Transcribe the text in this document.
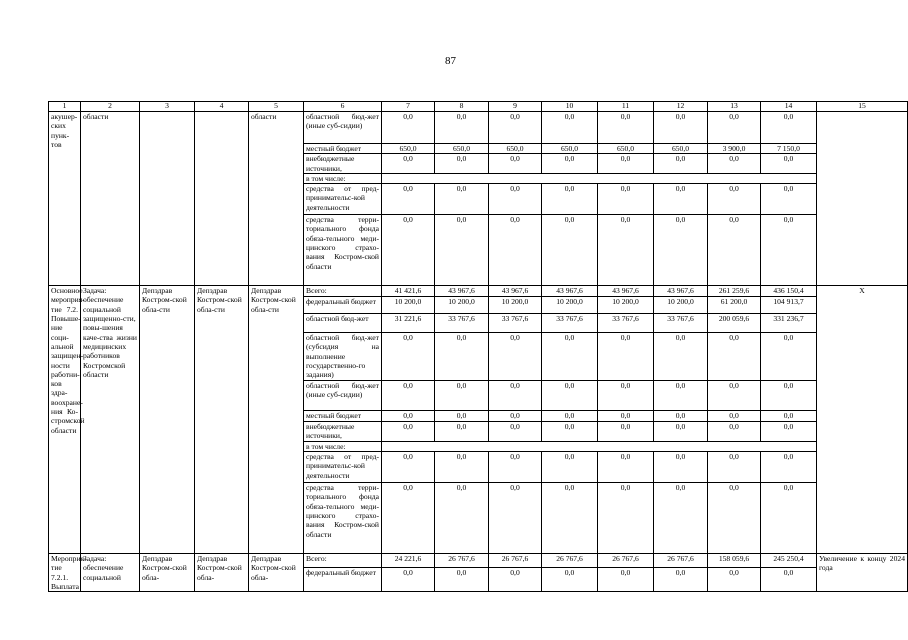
87
1	2	3	4	5	6	7	8	9	10	11	12	13	14	15
акушер-ских пунк-тов	области			области	областной бюд-жет (иные суб-сидии)	0,0	0,0	0,0	0,0	0,0	0,0	0,0	0,0	
					местный бюджет	650,0	650,0	650,0	650,0	650,0	650,0	3 900,0	7 150,0	
					внебюджетные источники,	0,0	0,0	0,0	0,0	0,0	0,0	0,0	0,0	
					в том числе:									
					средства от пред-принимательс-кой деятельности	0,0	0,0	0,0	0,0	0,0	0,0	0,0	0,0	
					средства терри-ториального фонда обяза-тельного меди-цинского страхо-вания Костром-ской области	0,0	0,0	0,0	0,0	0,0	0,0	0,0	0,0	
Основное мероприя-тие 7.2. Повыше-ние соци-альной защищен-ности работни-ков здра-воохране-ния Ко-стромской области	Задача: обеспечение социальной защищенно-сти, повы-шения каче-ства жизни медицинских работников Костромской области	Депздрав Костром-ской обла-сти	Депздрав Костром-ской обла-сти	Депздрав Костром-ской обла-сти	Всего:	41 421,6	43 967,6	43 967,6	43 967,6	43 967,6	43 967,6	261 259,6	436 150,4	Х
					федеральный бюджет	10 200,0	10 200,0	10 200,0	10 200,0	10 200,0	10 200,0	61 200,0	104 913,7	
					областной бюд-жет	31 221,6	33 767,6	33 767,6	33 767,6	33 767,6	33 767,6	200 059,6	331 236,7	
					областной бюд-жет (субсидия на выполнение государственно-го задания)	0,0	0,0	0,0	0,0	0,0	0,0	0,0	0,0	
					областной бюд-жет (иные суб-сидии)	0,0	0,0	0,0	0,0	0,0	0,0	0,0	0,0	
					местный бюджет	0,0	0,0	0,0	0,0	0,0	0,0	0,0	0,0	
					внебюджетные источники,	0,0	0,0	0,0	0,0	0,0	0,0	0,0	0,0	
					в том числе:									
					средства от пред-принимательс-кой деятельности	0,0	0,0	0,0	0,0	0,0	0,0	0,0	0,0	
					средства терри-ториального фонда обяза-тельного меди-цинского страхо-вания Костром-ской области	0,0	0,0	0,0	0,0	0,0	0,0	0,0	0,0	
Мероприя-тие 7.2.1. Выплата	Задача: обеспечение социальной	Депздрав Костром-ской обла-	Депздрав Костром-ской обла-	Депздрав Костром-ской обла-	Всего:	24 221,6	26 767,6	26 767,6	26 767,6	26 767,6	26 767,6	158 059,6	245 250,4	Увеличение к концу 2024 года
					федеральный бюджет	0,0	0,0	0,0	0,0	0,0	0,0	0,0	0,0	
